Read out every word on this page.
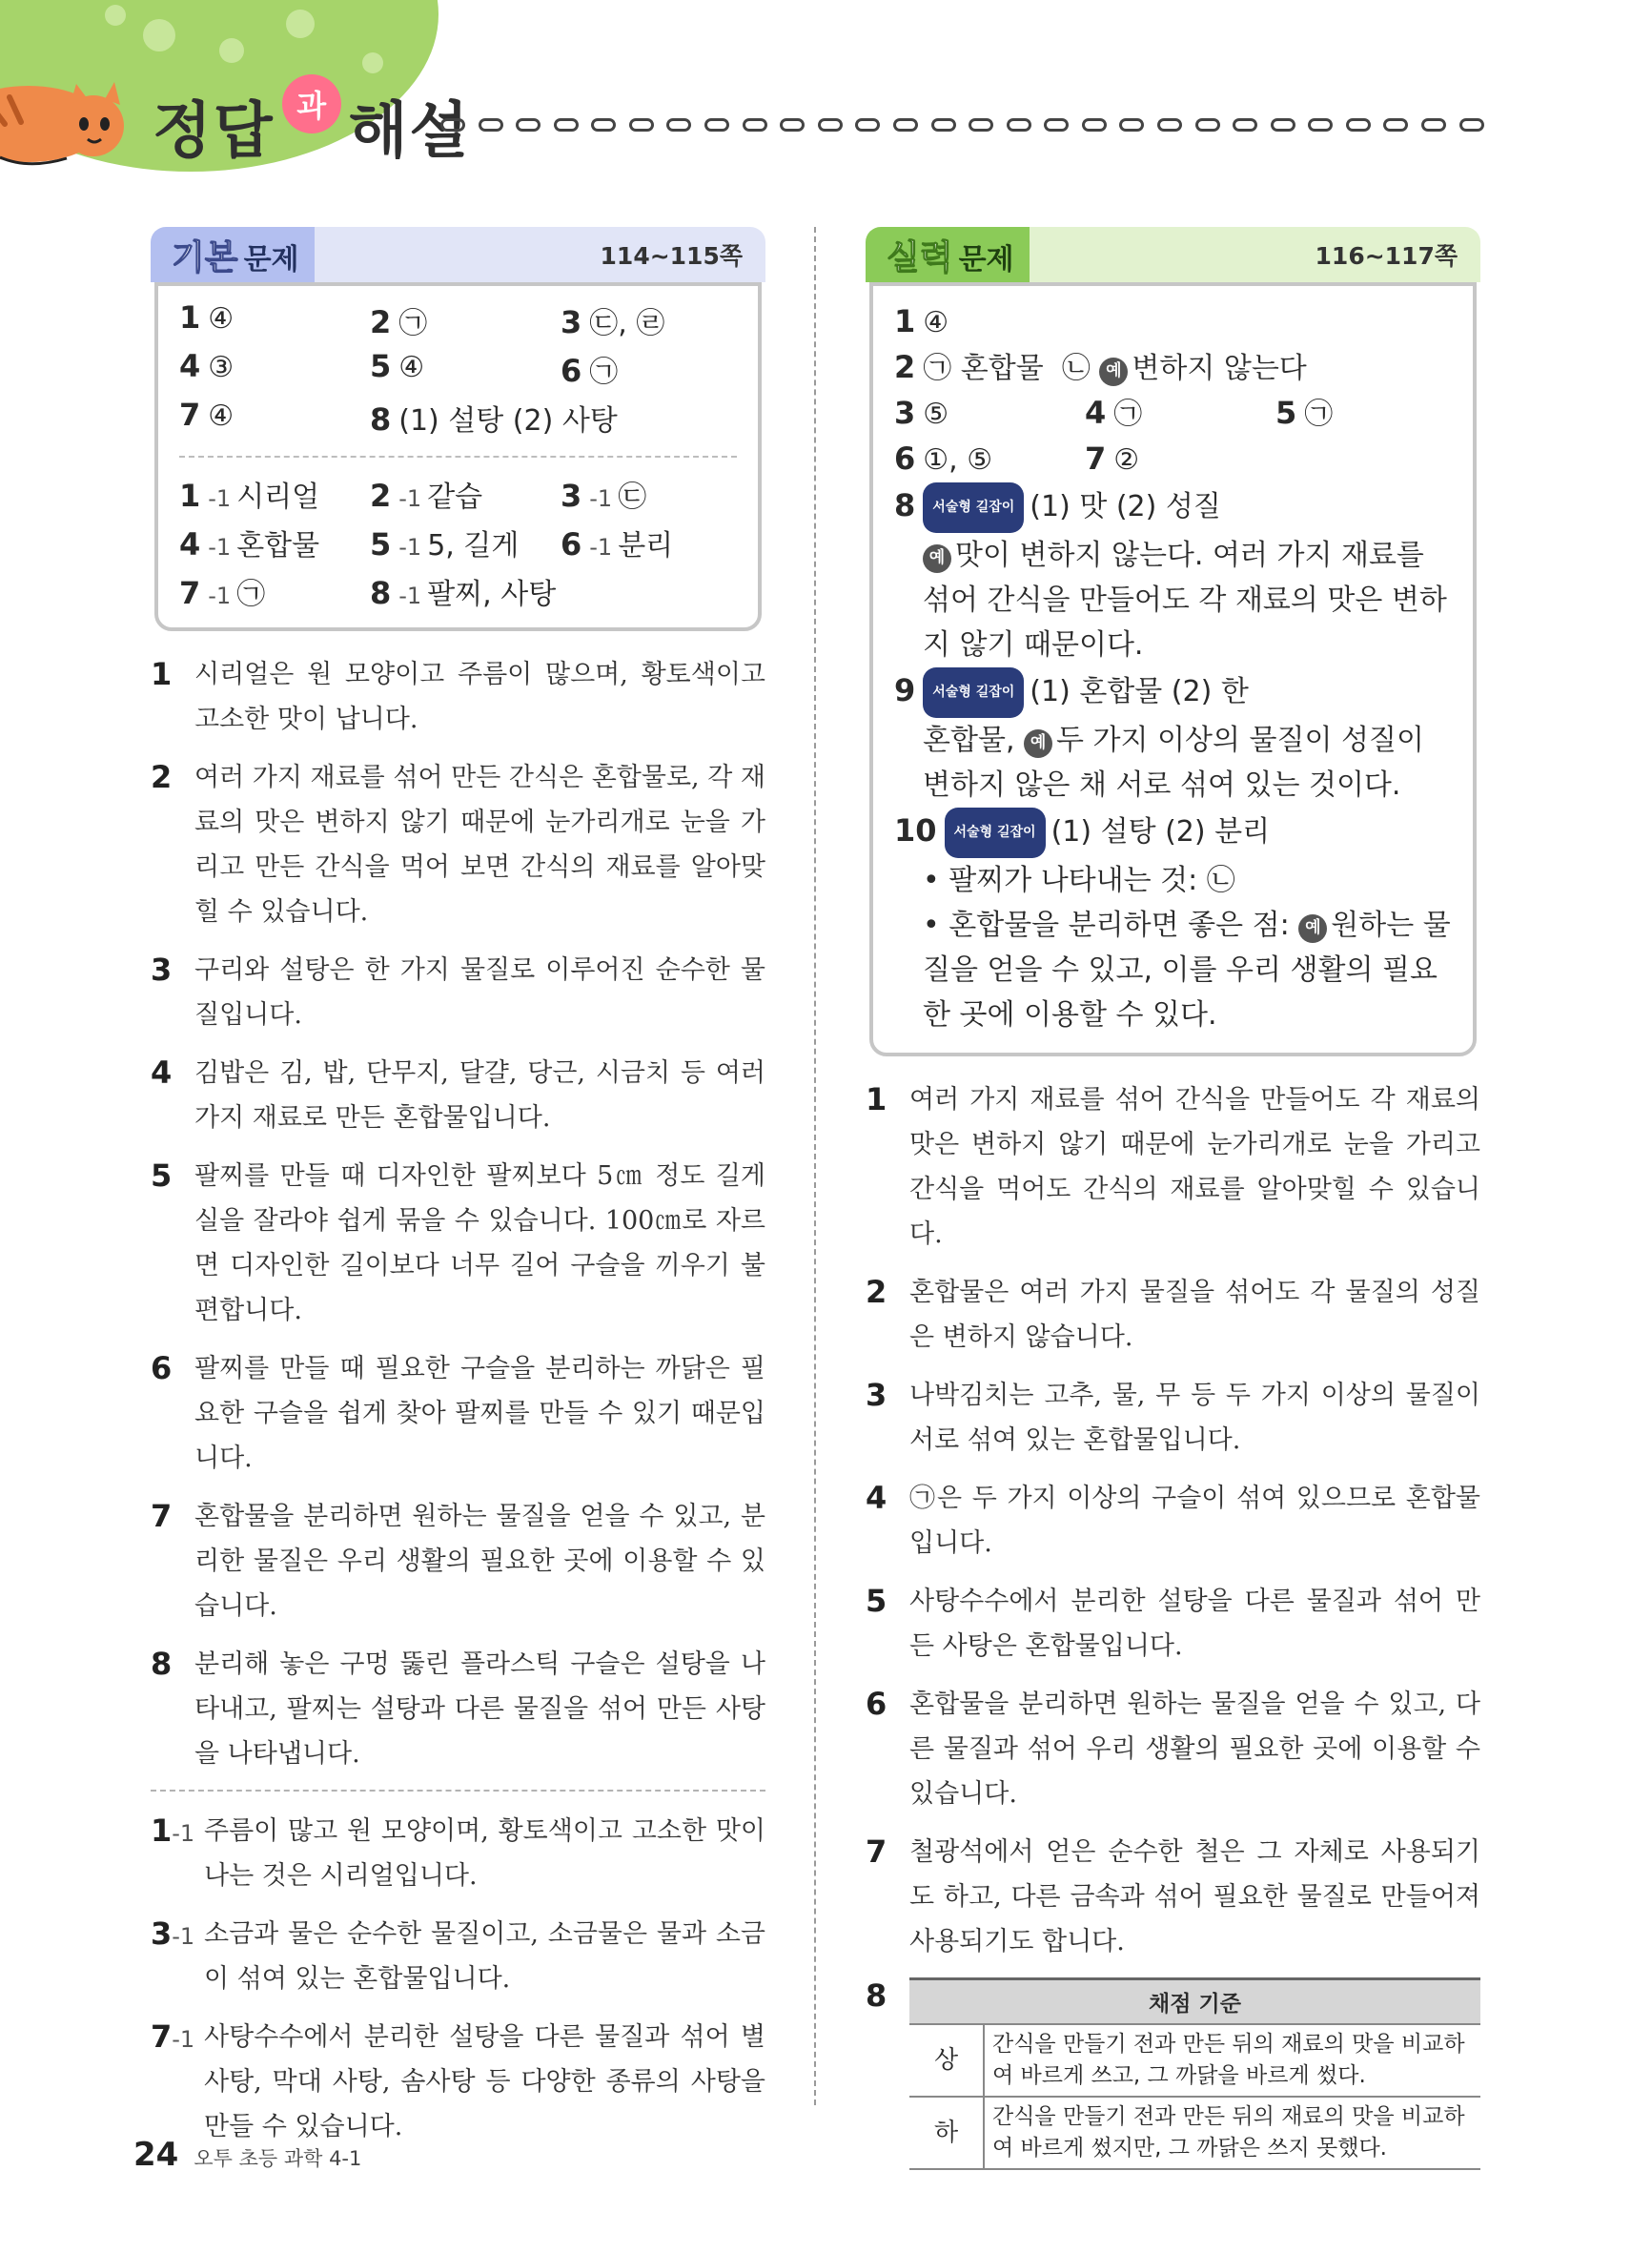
정답 과 해설
기본 문제	114~115쪽
1 ④	2 ㉠	3 ㉢, ㉣
4 ③	5 ④	6 ㉠
7 ④	8 (1) 설탕 (2) 사탕
1 -1 시리얼	2 -1 같습	3 -1 ㉢
4 -1 혼합물	5 -1 5, 길게	6 -1 분리
7 -1 ㉠	8 -1 팔찌, 사탕
1 시리얼은 원 모양이고 주름이 많으며, 황토색이고 고소한 맛이 납니다.
2 여러 가지 재료를 섞어 만든 간식은 혼합물로, 각 재료의 맛은 변하지 않기 때문에 눈가리개로 눈을 가리고 만든 간식을 먹어 보면 간식의 재료를 알아맞힐 수 있습니다.
3 구리와 설탕은 한 가지 물질로 이루어진 순수한 물질입니다.
4 김밥은 김, 밥, 단무지, 달걀, 당근, 시금치 등 여러 가지 재료로 만든 혼합물입니다.
5 팔찌를 만들 때 디자인한 팔찌보다 5㎝ 정도 길게 실을 잘라야 쉽게 묶을 수 있습니다. 100㎝로 자르면 디자인한 길이보다 너무 길어 구슬을 끼우기 불편합니다.
6 팔찌를 만들 때 필요한 구슬을 분리하는 까닭은 필요한 구슬을 쉽게 찾아 팔찌를 만들 수 있기 때문입니다.
7 혼합물을 분리하면 원하는 물질을 얻을 수 있고, 분리한 물질은 우리 생활의 필요한 곳에 이용할 수 있습니다.
8 분리해 놓은 구멍 뚫린 플라스틱 구슬은 설탕을 나타내고, 팔찌는 설탕과 다른 물질을 섞어 만든 사탕을 나타냅니다.
1-1 주름이 많고 원 모양이며, 황토색이고 고소한 맛이 나는 것은 시리얼입니다.
3-1 소금과 물은 순수한 물질이고, 소금물은 물과 소금이 섞여 있는 혼합물입니다.
7-1 사탕수수에서 분리한 설탕을 다른 물질과 섞어 별 사탕, 막대 사탕, 솜사탕 등 다양한 종류의 사탕을 만들 수 있습니다.
실력 문제	116~117쪽
1 ④
2 ㉠ 혼합물 ㉡ 예 변하지 않는다
3 ⑤	4 ㉠	5 ㉠
6 ①, ⑤	7 ②
8 서술형 길잡이 (1) 맛 (2) 성질
예 맛이 변하지 않는다. 여러 가지 재료를 섞어 간식을 만들어도 각 재료의 맛은 변하지 않기 때문이다.
9 서술형 길잡이 (1) 혼합물 (2) 한
혼합물, 예 두 가지 이상의 물질이 성질이 변하지 않은 채 서로 섞여 있는 것이다.
10 서술형 길잡이 (1) 설탕 (2) 분리
• 팔찌가 나타내는 것: ㉡
• 혼합물을 분리하면 좋은 점: 예 원하는 물질을 얻을 수 있고, 이를 우리 생활의 필요한 곳에 이용할 수 있다.
1 여러 가지 재료를 섞어 간식을 만들어도 각 재료의 맛은 변하지 않기 때문에 눈가리개로 눈을 가리고 간식을 먹어도 간식의 재료를 알아맞힐 수 있습니다.
2 혼합물은 여러 가지 물질을 섞어도 각 물질의 성질은 변하지 않습니다.
3 나박김치는 고추, 물, 무 등 두 가지 이상의 물질이 서로 섞여 있는 혼합물입니다.
4 ㉠은 두 가지 이상의 구슬이 섞여 있으므로 혼합물입니다.
5 사탕수수에서 분리한 설탕을 다른 물질과 섞어 만든 사탕은 혼합물입니다.
6 혼합물을 분리하면 원하는 물질을 얻을 수 있고, 다른 물질과 섞어 우리 생활의 필요한 곳에 이용할 수 있습니다.
7 철광석에서 얻은 순수한 철은 그 자체로 사용되기도 하고, 다른 금속과 섞어 필요한 물질로 만들어져 사용되기도 합니다.
8	채점 기준	
상	간식을 만들기 전과 만든 뒤의 재료의 맛을 비교하여 바르게 쓰고, 그 까닭을 바르게 썼다.
하	간식을 만들기 전과 만든 뒤의 재료의 맛을 비교하여 바르게 썼지만, 그 까닭은 쓰지 못했다.
24 오투 초등 과학 4-1
